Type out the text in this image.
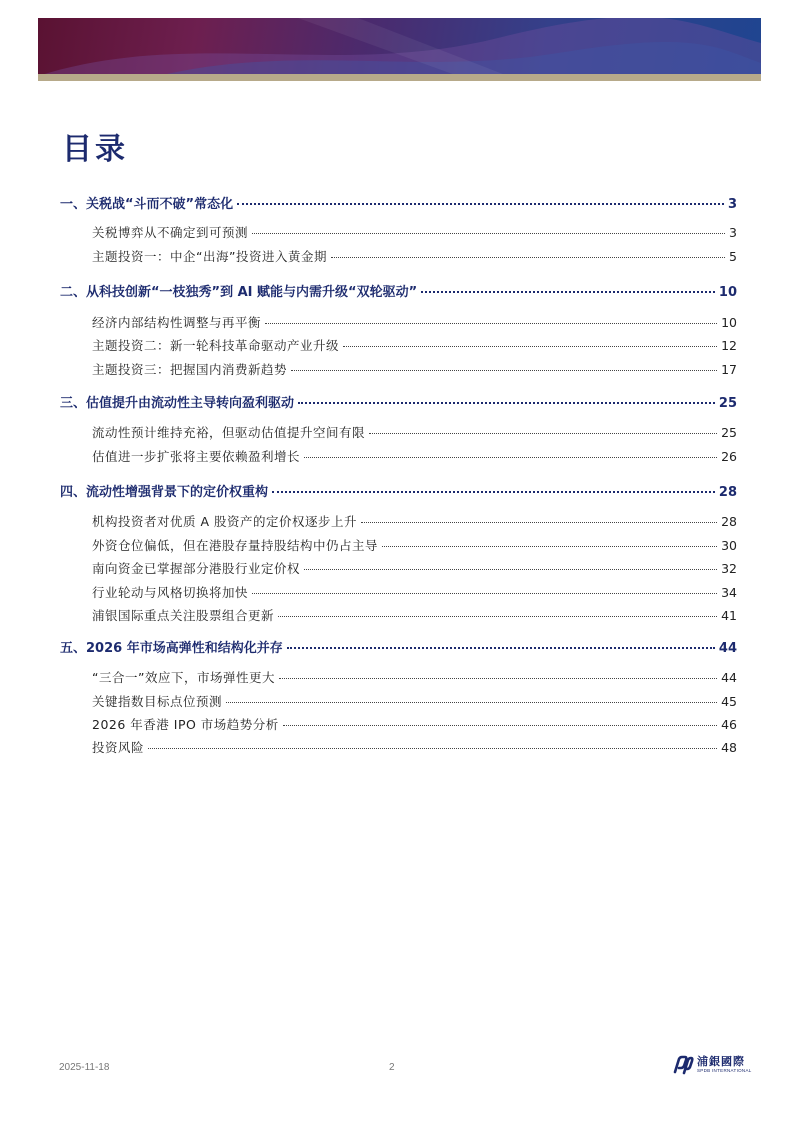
目录
一、关税战“斗而不破”常态化	3
关税博弈从不确定到可预测	3
主题投资一：中企“出海”投资进入黄金期	5
二、从科技创新“一枝独秀”到 AI 赋能与内需升级“双轮驱动”	10
经济内部结构性调整与再平衡	10
主题投资二：新一轮科技革命驱动产业升级	12
主题投资三：把握国内消费新趋势	17
三、估值提升由流动性主导转向盈利驱动	25
流动性预计维持充裕，但驱动估值提升空间有限	25
估值进一步扩张将主要依赖盈利增长	26
四、流动性增强背景下的定价权重构	28
机构投资者对优质 A 股资产的定价权逐步上升	28
外资仓位偏低，但在港股存量持股结构中仍占主导	30
南向资金已掌握部分港股行业定价权	32
行业轮动与风格切换将加快	34
浦银国际重点关注股票组合更新	41
五、2026 年市场高弹性和结构化并存	44
“三合一”效应下，市场弹性更大	44
关键指数目标点位预测	45
2026 年香港 IPO 市场趋势分析	46
投资风险	48
2025-11-18	2	浦銀國際
SPDB INTERNATIONAL
